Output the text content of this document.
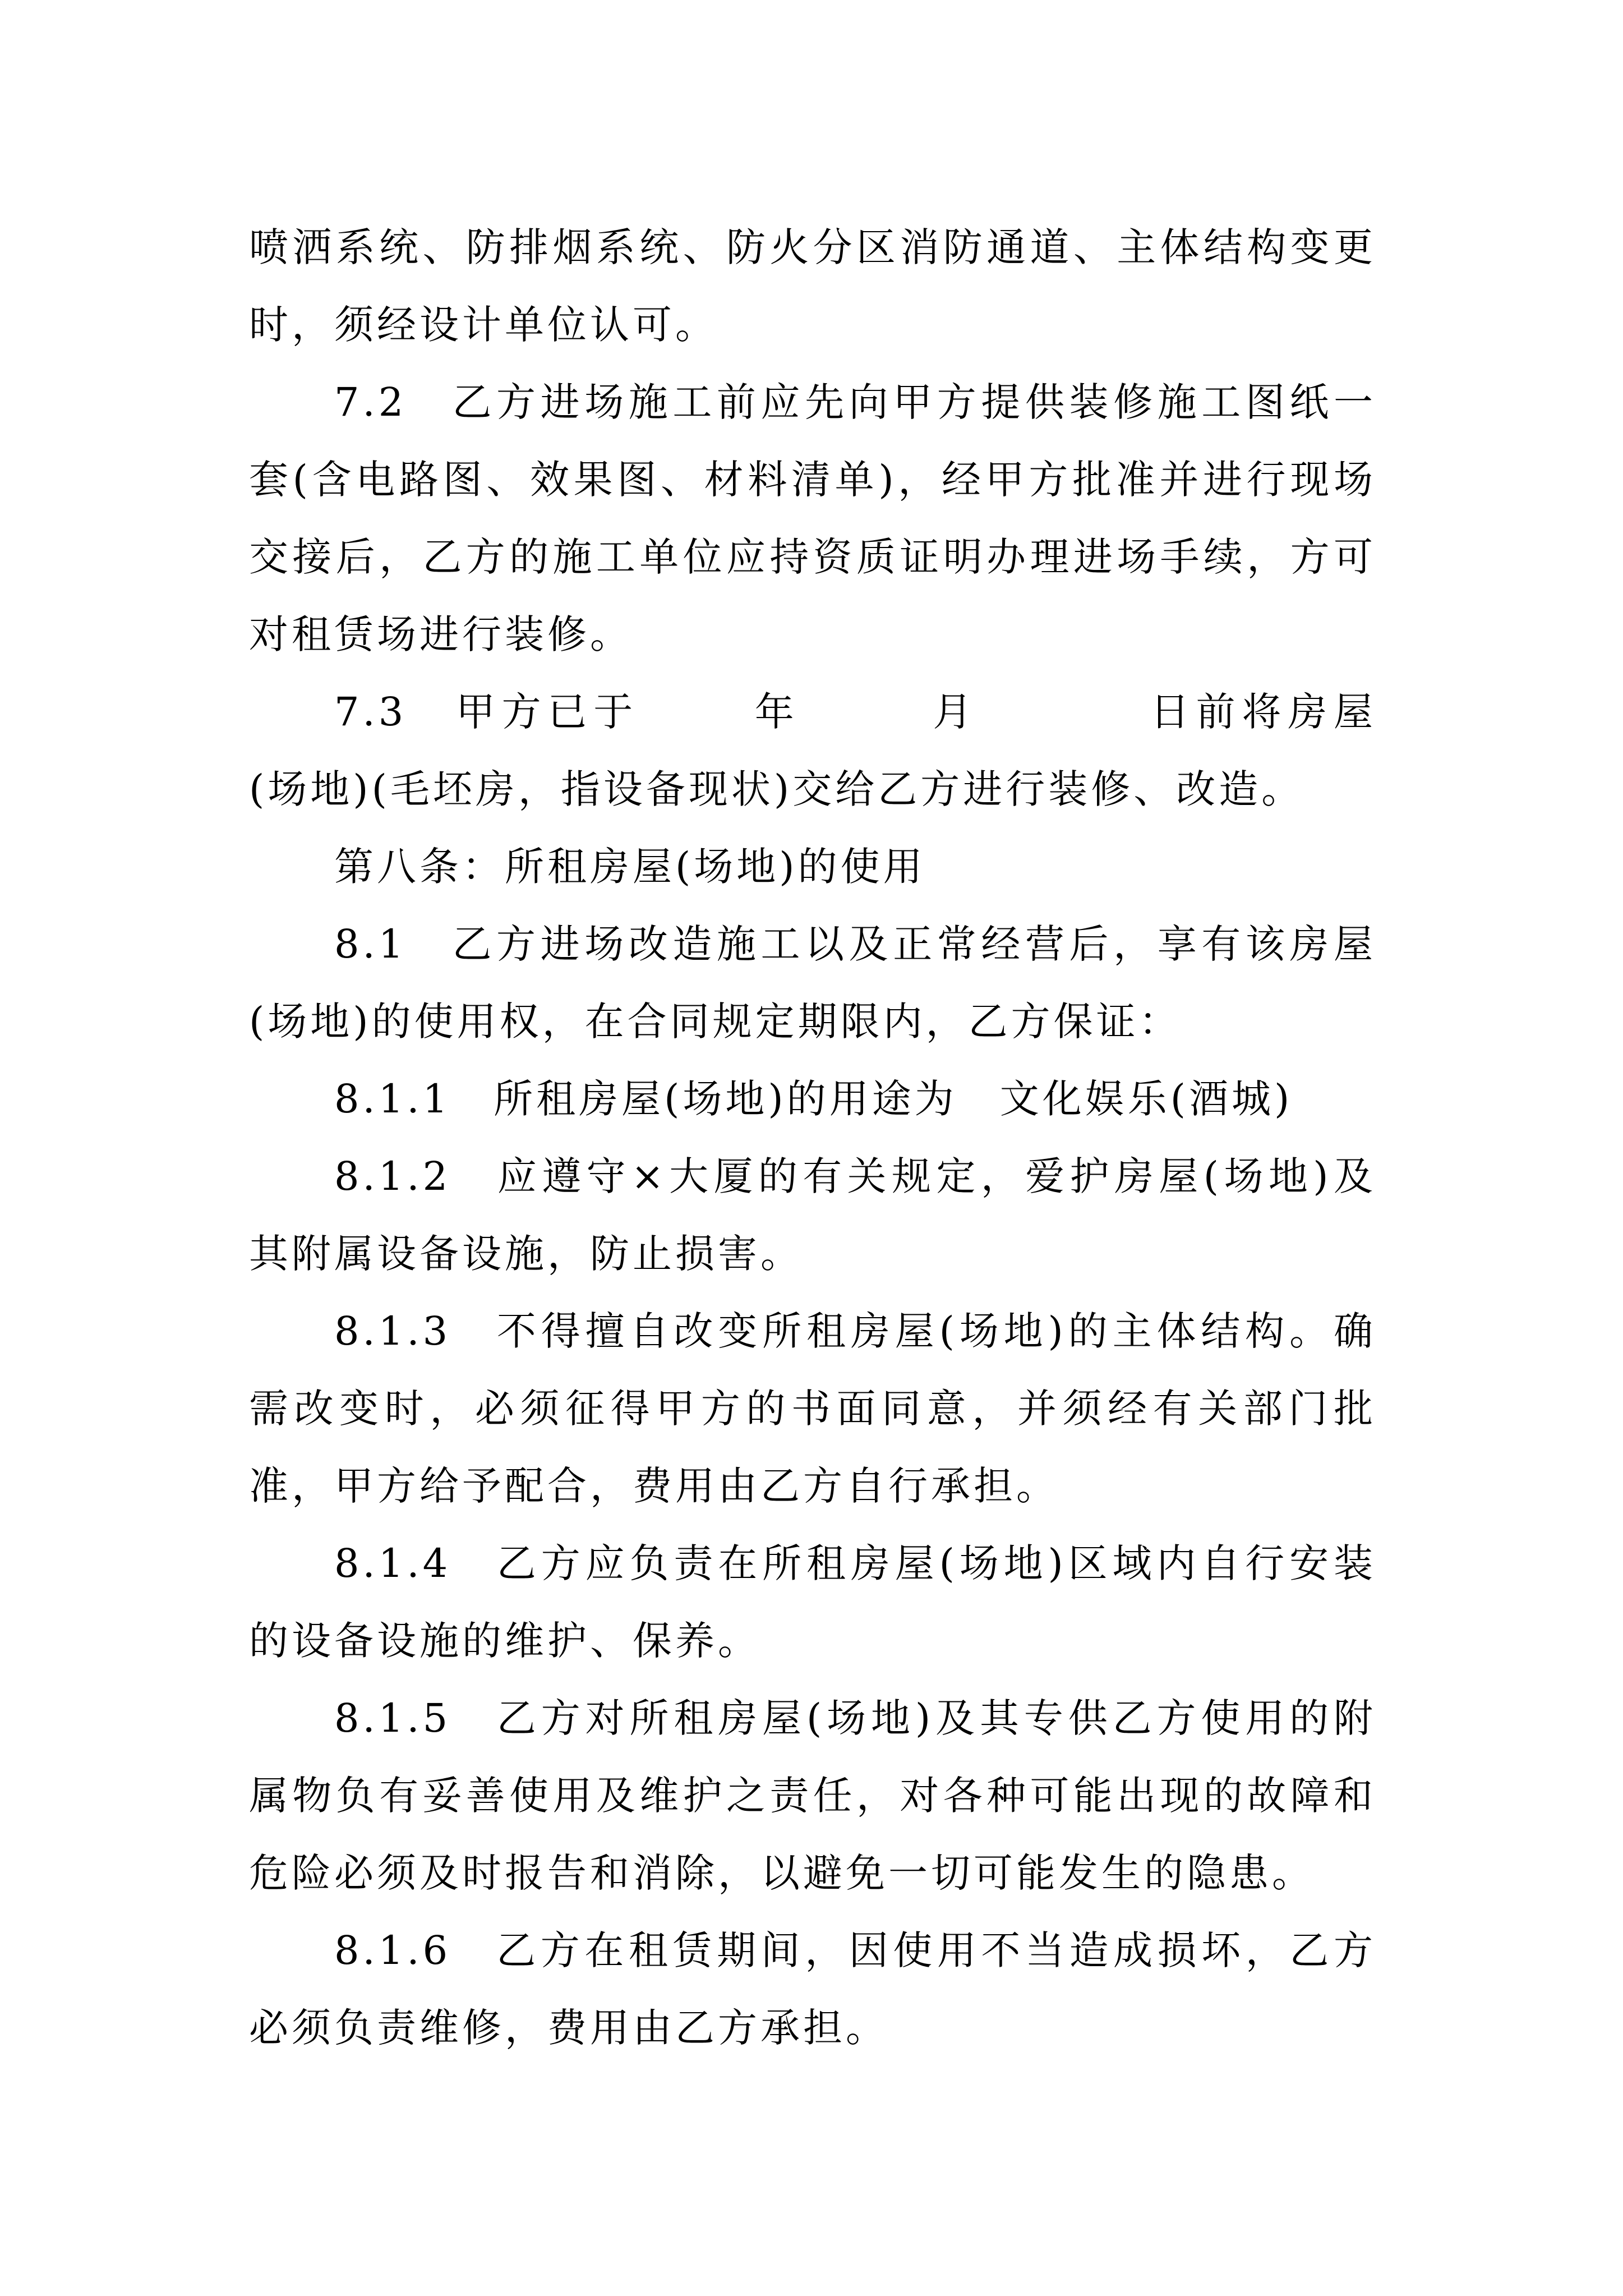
喷洒系统、防排烟系统、防火分区消防通道、主体结构变更时，须经设计单位认可。

7.2　乙方进场施工前应先向甲方提供装修施工图纸一套(含电路图、效果图、材料清单)，经甲方批准并进行现场交接后，乙方的施工单位应持资质证明办理进场手续，方可对租赁场进行装修。

7.3　甲方已于	年	月	日前将房屋(场地)(毛坯房，指设备现状)交给乙方进行装修、改造。

第八条：所租房屋(场地)的使用

8.1　乙方进场改造施工以及正常经营后，享有该房屋(场地)的使用权，在合同规定期限内，乙方保证：

8.1.1　所租房屋(场地)的用途为　文化娱乐(酒城)

8.1.2　应遵守×大厦的有关规定，爱护房屋(场地)及其附属设备设施，防止损害。

8.1.3　不得擅自改变所租房屋(场地)的主体结构。确需改变时，必须征得甲方的书面同意，并须经有关部门批准，甲方给予配合，费用由乙方自行承担。

8.1.4　乙方应负责在所租房屋(场地)区域内自行安装的设备设施的维护、保养。

8.1.5　乙方对所租房屋(场地)及其专供乙方使用的附属物负有妥善使用及维护之责任，对各种可能出现的故障和危险必须及时报告和消除，以避免一切可能发生的隐患。

8.1.6　乙方在租赁期间，因使用不当造成损坏，乙方必须负责维修，费用由乙方承担。
